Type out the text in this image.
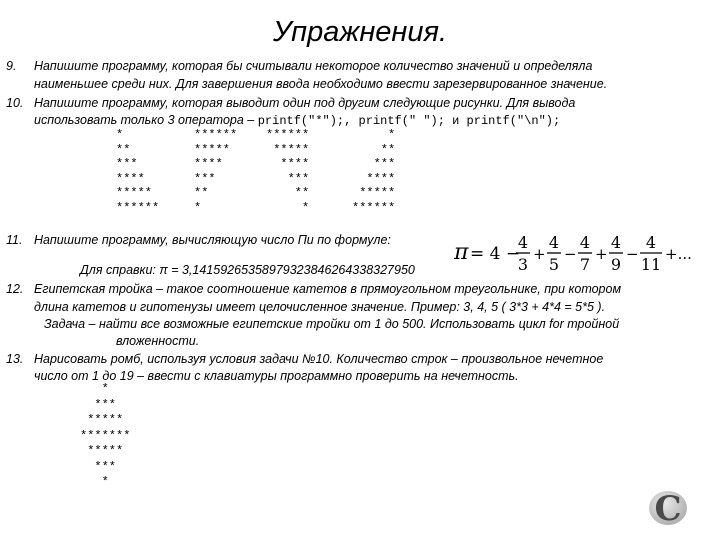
Упражнения.
9. Напишите программу, которая бы считывали некоторое количество значений и определяла
наименьшее среди них. Для завершения ввода необходимо ввести зарезервированное значение.
10. Напишите программу, которая выводит один под другим следующие рисунки. Для вывода
использовать только 3 оператора – printf("*");, printf(" "); и printf("\n");
*
**
***
****
*****
******
******
*****
****
***
**
*
******
*****
****
***
**
*
*
**
***
****
*****
******
11. Напишите программу, вычисляющую число Пи по формуле:
Для справки: π = 3,14159265358979323846264338327950
π = 4 −
4
3
+
4
5
−
4
7
+
4
9
−
4
11
+...
12. Египетская тройка – такое соотношение катетов в прямоугольном треугольнике, при котором
длина катетов и гипотенузы имеет целочисленное значение. Пример: 3, 4, 5 ( 3*3 + 4*4 = 5*5 ).
Задача – найти все возможные египетские тройки от 1 до 500. Использовать цикл for тройной
вложенности.
13. Нарисовать ромб, используя условия задачи №10. Количество строк – произвольное нечетное
число от 1 до 19 – ввести с клавиатуры программно проверить на нечетность.
*
***
*****
*******
*****
***
*
C
